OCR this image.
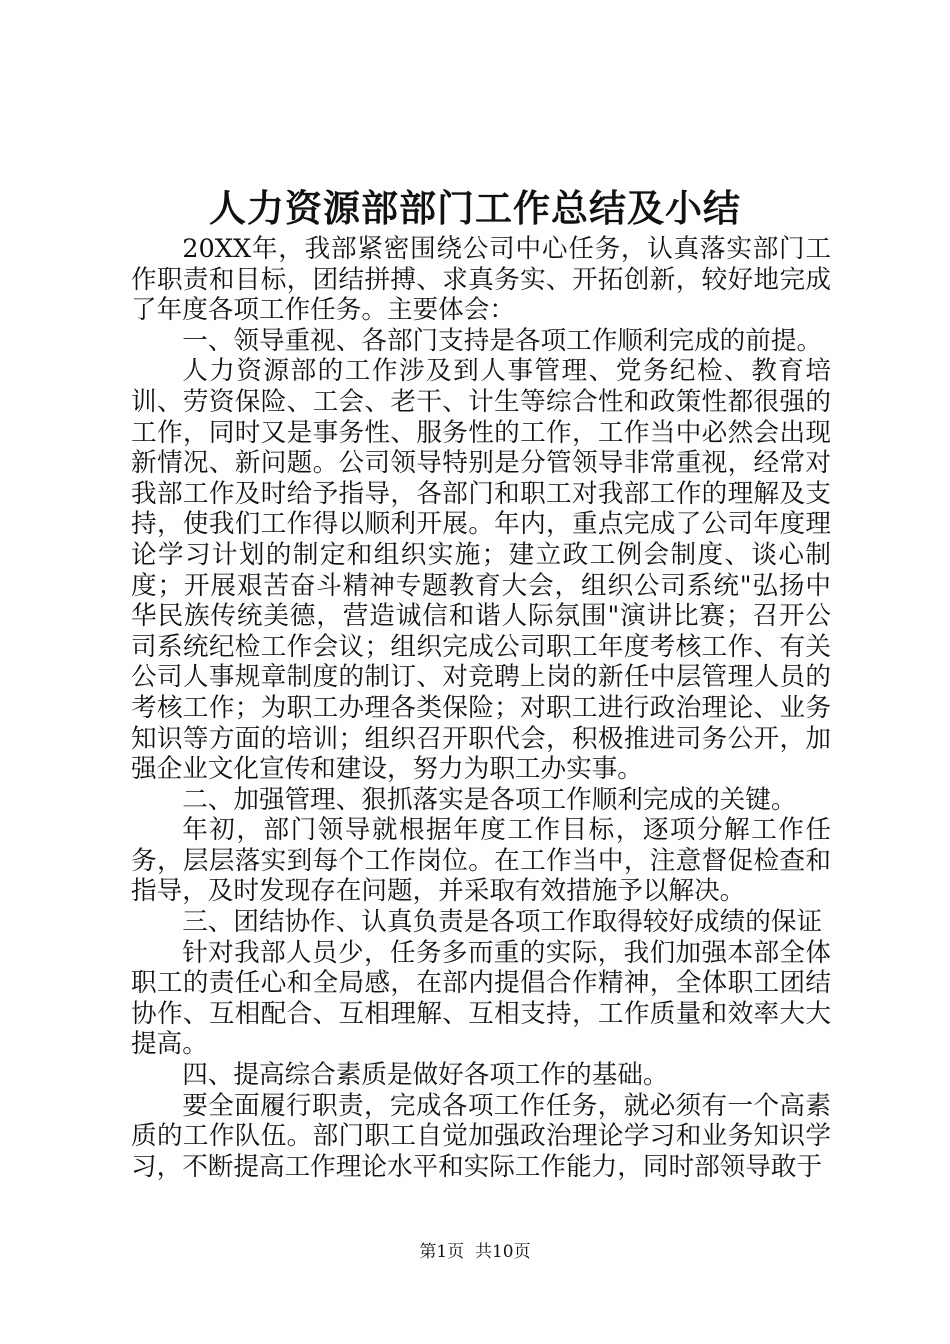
人力资源部部门工作总结及小结

20XX年，我部紧密围绕公司中心任务，认真落实部门工作职责和目标，团结拼搏、求真务实、开拓创新，较好地完成了年度各项工作任务。主要体会：

一、领导重视、各部门支持是各项工作顺利完成的前提。

人力资源部的工作涉及到人事管理、党务纪检、教育培训、劳资保险、工会、老干、计生等综合性和政策性都很强的工作，同时又是事务性、服务性的工作，工作当中必然会出现新情况、新问题。公司领导特别是分管领导非常重视，经常对我部工作及时给予指导，各部门和职工对我部工作的理解及支持，使我们工作得以顺利开展。年内，重点完成了公司年度理论学习计划的制定和组织实施；建立政工例会制度、谈心制度；开展艰苦奋斗精神专题教育大会，组织公司系统"弘扬中华民族传统美德，营造诚信和谐人际氛围"演讲比赛；召开公司系统纪检工作会议；组织完成公司职工年度考核工作、有关公司人事规章制度的制订、对竞聘上岗的新任中层管理人员的考核工作；为职工办理各类保险；对职工进行政治理论、业务知识等方面的培训；组织召开职代会，积极推进司务公开，加强企业文化宣传和建设，努力为职工办实事。

二、加强管理、狠抓落实是各项工作顺利完成的关键。

年初，部门领导就根据年度工作目标，逐项分解工作任务，层层落实到每个工作岗位。在工作当中，注意督促检查和指导，及时发现存在问题，并采取有效措施予以解决。

三、团结协作、认真负责是各项工作取得较好成绩的保证

针对我部人员少，任务多而重的实际，我们加强本部全体职工的责任心和全局感，在部内提倡合作精神，全体职工团结协作、互相配合、互相理解、互相支持，工作质量和效率大大提高。

四、提高综合素质是做好各项工作的基础。

要全面履行职责，完成各项工作任务，就必须有一个高素质的工作队伍。部门职工自觉加强政治理论学习和业务知识学习，不断提高工作理论水平和实际工作能力，同时部领导敢于

第1页  共10页
